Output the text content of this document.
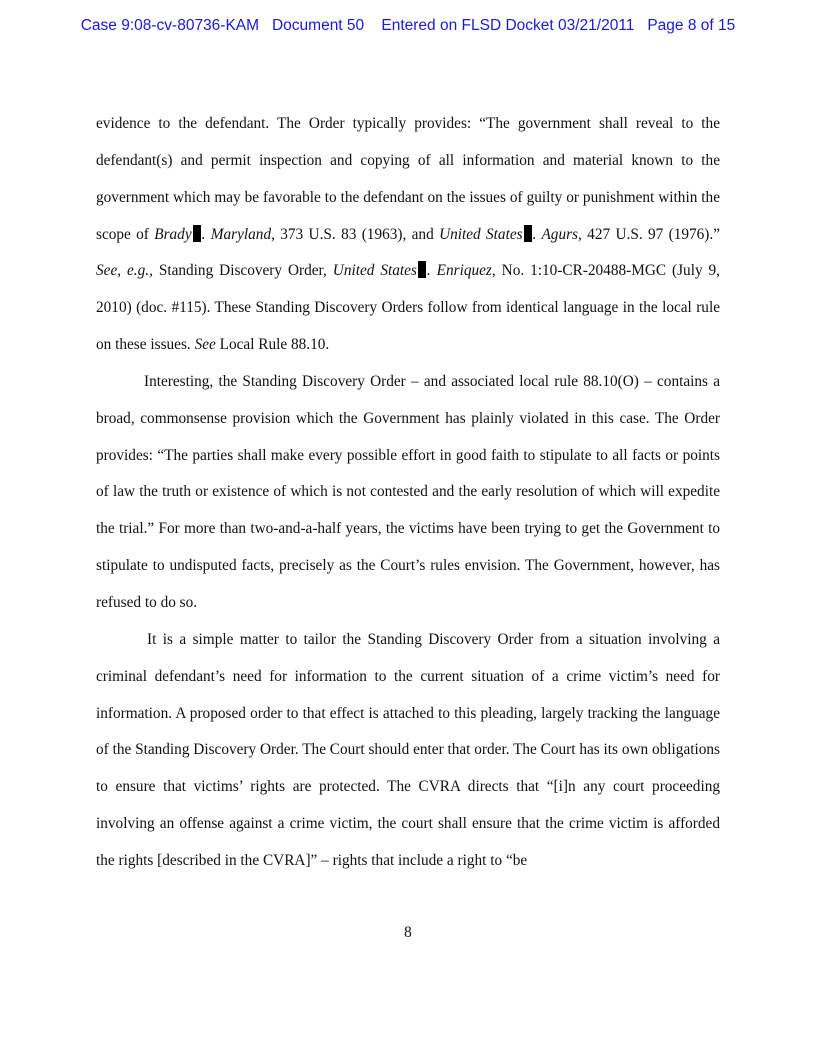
Case 9:08-cv-80736-KAM   Document 50    Entered on FLSD Docket 03/21/2011   Page 8 of 15

evidence to the defendant. The Order typically provides: “The government shall reveal to the defendant(s) and permit inspection and copying of all information and material known to the government which may be favorable to the defendant on the issues of guilty or punishment within the scope of Brady . Maryland, 373 U.S. 83 (1963), and United States . Agurs, 427 U.S. 97 (1976).” See, e.g., Standing Discovery Order, United States . Enriquez, No. 1:10-CR-20488-MGC (July 9, 2010) (doc. #115). These Standing Discovery Orders follow from identical language in the local rule on these issues. See Local Rule 88.10.

Interesting, the Standing Discovery Order – and associated local rule 88.10(O) – contains a broad, commonsense provision which the Government has plainly violated in this case. The Order provides: “The parties shall make every possible effort in good faith to stipulate to all facts or points of law the truth or existence of which is not contested and the early resolution of which will expedite the trial.” For more than two-and-a-half years, the victims have been trying to get the Government to stipulate to undisputed facts, precisely as the Court’s rules envision. The Government, however, has refused to do so.

It is a simple matter to tailor the Standing Discovery Order from a situation involving a criminal defendant’s need for information to the current situation of a crime victim’s need for information. A proposed order to that effect is attached to this pleading, largely tracking the language of the Standing Discovery Order. The Court should enter that order. The Court has its own obligations to ensure that victims’ rights are protected. The CVRA directs that “[i]n any court proceeding involving an offense against a crime victim, the court shall ensure that the crime victim is afforded the rights [described in the CVRA]” – rights that include a right to “be

8
